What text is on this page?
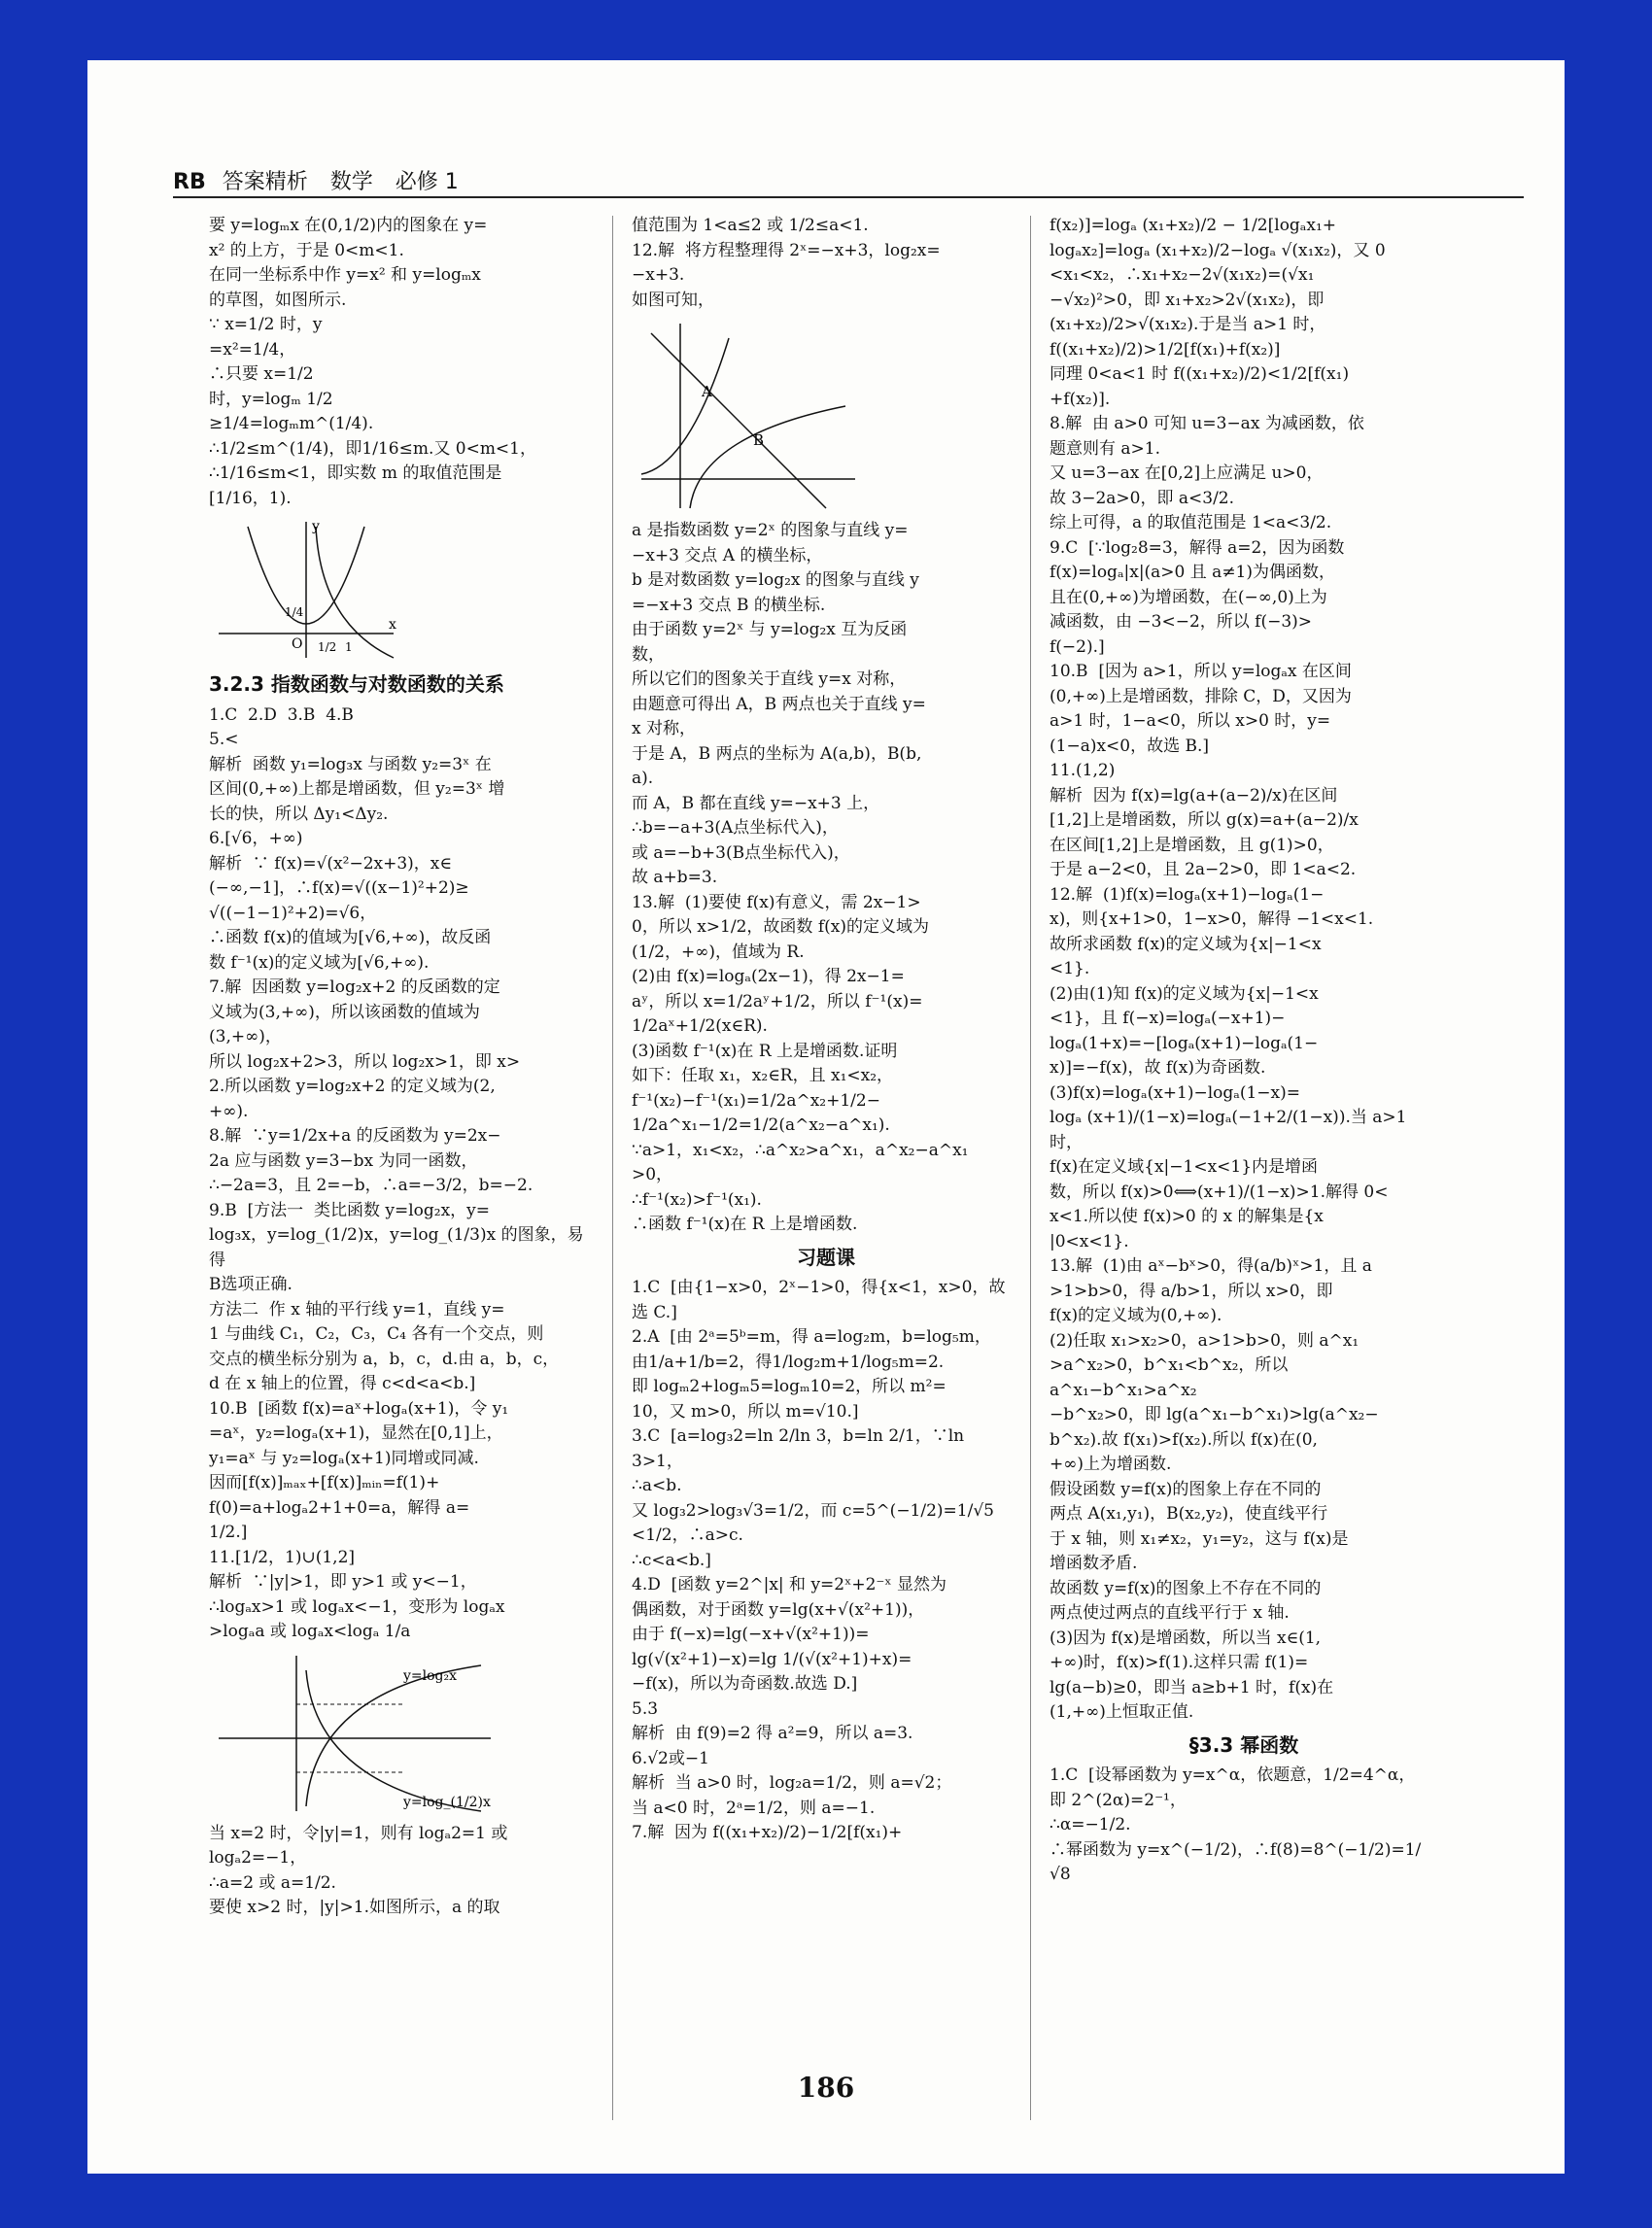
RB 答案精析 数学 必修 1

要 y=logₘx 在(0,1/2)内的图象在 y=

x² 的上方，于是 0<m<1.

在同一坐标系中作 y=x² 和 y=logₘx

的草图，如图所示.

∵ x=1/2 时，y

=x²=1/4，

∴只要 x=1/2

时，y=logₘ 1/2

≥1/4=logₘm^(1/4).

∴1/2≤m^(1/4)，即1/16≤m.又 0<m<1，

∴1/16≤m<1，即实数 m 的取值范围是

[1/16，1).

x
y
O
1/4
1/2 1
3.2.3 指数函数与对数函数的关系

1.C  2.D  3.B  4.B

5.<

解析  函数 y₁=log₃x 与函数 y₂=3ˣ 在

区间(0,+∞)上都是增函数，但 y₂=3ˣ 增

长的快，所以 Δy₁<Δy₂.

6.[√6，+∞)

解析  ∵ f(x)=√(x²−2x+3)，x∈

(−∞,−1]，∴f(x)=√((x−1)²+2)≥

√((−1−1)²+2)=√6，

∴函数 f(x)的值域为[√6,+∞)，故反函

数 f⁻¹(x)的定义域为[√6,+∞).

7.解  因函数 y=log₂x+2 的反函数的定

义域为(3,+∞)，所以该函数的值域为

(3,+∞)，

所以 log₂x+2>3，所以 log₂x>1，即 x>

2.所以函数 y=log₂x+2 的定义域为(2,

+∞).

8.解  ∵y=1/2x+a 的反函数为 y=2x−

2a 应与函数 y=3−bx 为同一函数，

∴−2a=3，且 2=−b，∴a=−3/2，b=−2.

9.B  [方法一  类比函数 y=log₂x，y=

log₃x，y=log_(1/2)x，y=log_(1/3)x 的图象，易得

B选项正确.

方法二  作 x 轴的平行线 y=1，直线 y=

1 与曲线 C₁，C₂，C₃，C₄ 各有一个交点，则

交点的横坐标分别为 a，b，c，d.由 a，b，c，

d 在 x 轴上的位置，得 c<d<a<b.]

10.B  [函数 f(x)=aˣ+logₐ(x+1)，令 y₁

=aˣ，y₂=logₐ(x+1)，显然在[0,1]上，

y₁=aˣ 与 y₂=logₐ(x+1)同增或同减.

因而[f(x)]ₘₐₓ+[f(x)]ₘᵢₙ=f(1)+

f(0)=a+logₐ2+1+0=a，解得 a=

1/2.]

11.[1/2，1)∪(1,2]

解析  ∵|y|>1，即 y>1 或 y<−1，

∴logₐx>1 或 logₐx<−1，变形为 logₐx

>logₐa 或 logₐx<logₐ 1/a

y=log₂x
y=log_(1/2)x

当 x=2 时，令|y|=1，则有 logₐ2=1 或

logₐ2=−1，

∴a=2 或 a=1/2.

要使 x>2 时，|y|>1.如图所示，a 的取

值范围为 1<a≤2 或 1/2≤a<1.

12.解  将方程整理得 2ˣ=−x+3，log₂x=

−x+3.

如图可知，

A
B

a 是指数函数 y=2ˣ 的图象与直线 y=

−x+3 交点 A 的横坐标，

b 是对数函数 y=log₂x 的图象与直线 y

=−x+3 交点 B 的横坐标.

由于函数 y=2ˣ 与 y=log₂x 互为反函

数，

所以它们的图象关于直线 y=x 对称，

由题意可得出 A，B 两点也关于直线 y=

x 对称，

于是 A，B 两点的坐标为 A(a,b)，B(b,

a).

而 A，B 都在直线 y=−x+3 上，

∴b=−a+3(A点坐标代入)，

或 a=−b+3(B点坐标代入)，

故 a+b=3.

13.解  (1)要使 f(x)有意义，需 2x−1>

0，所以 x>1/2，故函数 f(x)的定义域为

(1/2，+∞)，值域为 R.

(2)由 f(x)=logₐ(2x−1)，得 2x−1=

aʸ，所以 x=1/2aʸ+1/2，所以 f⁻¹(x)=

1/2aˣ+1/2(x∈R).

(3)函数 f⁻¹(x)在 R 上是增函数.证明

如下：任取 x₁，x₂∈R，且 x₁<x₂，

f⁻¹(x₂)−f⁻¹(x₁)=1/2a^x₂+1/2−

1/2a^x₁−1/2=1/2(a^x₂−a^x₁).

∵a>1，x₁<x₂，∴a^x₂>a^x₁，a^x₂−a^x₁

>0，

∴f⁻¹(x₂)>f⁻¹(x₁).

∴函数 f⁻¹(x)在 R 上是增函数.

习题课

1.C  [由{1−x>0，2ˣ−1>0，得{x<1，x>0，故选 C.]

2.A  [由 2ᵃ=5ᵇ=m，得 a=log₂m，b=log₅m，

由1/a+1/b=2，得1/log₂m+1/log₅m=2.

即 logₘ2+logₘ5=logₘ10=2，所以 m²=

10，又 m>0，所以 m=√10.]

3.C  [a=log₃2=ln 2/ln 3，b=ln 2/1，∵ln 3>1，

∴a<b.

又 log₃2>log₃√3=1/2，而 c=5^(−1/2)=1/√5

<1/2，∴a>c.

∴c<a<b.]

4.D  [函数 y=2^|x| 和 y=2ˣ+2⁻ˣ 显然为

偶函数，对于函数 y=lg(x+√(x²+1))，

由于 f(−x)=lg(−x+√(x²+1))=

lg(√(x²+1)−x)=lg 1/(√(x²+1)+x)=

−f(x)，所以为奇函数.故选 D.]

5.3

解析  由 f(9)=2 得 a²=9，所以 a=3.

6.√2或−1

解析  当 a>0 时，log₂a=1/2，则 a=√2；

当 a<0 时，2ᵃ=1/2，则 a=−1.

7.解  因为 f((x₁+x₂)/2)−1/2[f(x₁)+

f(x₂)]=logₐ (x₁+x₂)/2 − 1/2[logₐx₁+

logₐx₂]=logₐ (x₁+x₂)/2−logₐ √(x₁x₂)，又 0

<x₁<x₂，∴x₁+x₂−2√(x₁x₂)=(√x₁

−√x₂)²>0，即 x₁+x₂>2√(x₁x₂)，即

(x₁+x₂)/2>√(x₁x₂).于是当 a>1 时，

f((x₁+x₂)/2)>1/2[f(x₁)+f(x₂)]

同理 0<a<1 时 f((x₁+x₂)/2)<1/2[f(x₁)

+f(x₂)].

8.解  由 a>0 可知 u=3−ax 为减函数，依

题意则有 a>1.

又 u=3−ax 在[0,2]上应满足 u>0，

故 3−2a>0，即 a<3/2.

综上可得，a 的取值范围是 1<a<3/2.

9.C  [∵log₂8=3，解得 a=2，因为函数

f(x)=logₐ|x|(a>0 且 a≠1)为偶函数，

且在(0,+∞)为增函数，在(−∞,0)上为

减函数，由 −3<−2，所以 f(−3)>

f(−2).]

10.B  [因为 a>1，所以 y=logₐx 在区间

(0,+∞)上是增函数，排除 C，D，又因为

a>1 时，1−a<0，所以 x>0 时，y=

(1−a)x<0，故选 B.]

11.(1,2)

解析  因为 f(x)=lg(a+(a−2)/x)在区间

[1,2]上是增函数，所以 g(x)=a+(a−2)/x

在区间[1,2]上是增函数，且 g(1)>0，

于是 a−2<0，且 2a−2>0，即 1<a<2.

12.解  (1)f(x)=logₐ(x+1)−logₐ(1−

x)，则{x+1>0，1−x>0，解得 −1<x<1.

故所求函数 f(x)的定义域为{x|−1<x

<1}.

(2)由(1)知 f(x)的定义域为{x|−1<x

<1}，且 f(−x)=logₐ(−x+1)−

logₐ(1+x)=−[logₐ(x+1)−logₐ(1−

x)]=−f(x)，故 f(x)为奇函数.

(3)f(x)=logₐ(x+1)−logₐ(1−x)=

logₐ (x+1)/(1−x)=logₐ(−1+2/(1−x)).当 a>1 时，

f(x)在定义域{x|−1<x<1}内是增函

数，所以 f(x)>0⟺(x+1)/(1−x)>1.解得 0<

x<1.所以使 f(x)>0 的 x 的解集是{x

|0<x<1}.

13.解  (1)由 aˣ−bˣ>0，得(a/b)ˣ>1，且 a

>1>b>0，得 a/b>1，所以 x>0，即

f(x)的定义域为(0,+∞).

(2)任取 x₁>x₂>0，a>1>b>0，则 a^x₁

>a^x₂>0，b^x₁<b^x₂，所以 a^x₁−b^x₁>a^x₂

−b^x₂>0，即 lg(a^x₁−b^x₁)>lg(a^x₂−

b^x₂).故 f(x₁)>f(x₂).所以 f(x)在(0,

+∞)上为增函数.

假设函数 y=f(x)的图象上存在不同的

两点 A(x₁,y₁)，B(x₂,y₂)，使直线平行

于 x 轴，则 x₁≠x₂，y₁=y₂，这与 f(x)是

增函数矛盾.

故函数 y=f(x)的图象上不存在不同的

两点使过两点的直线平行于 x 轴.

(3)因为 f(x)是增函数，所以当 x∈(1,

+∞)时，f(x)>f(1).这样只需 f(1)=

lg(a−b)≥0，即当 a≥b+1 时，f(x)在

(1,+∞)上恒取正值.

§3.3 幂函数

1.C  [设幂函数为 y=x^α，依题意，1/2=4^α，

即 2^(2α)=2⁻¹，

∴α=−1/2.

∴幂函数为 y=x^(−1/2)，∴f(8)=8^(−1/2)=1/√8

186
